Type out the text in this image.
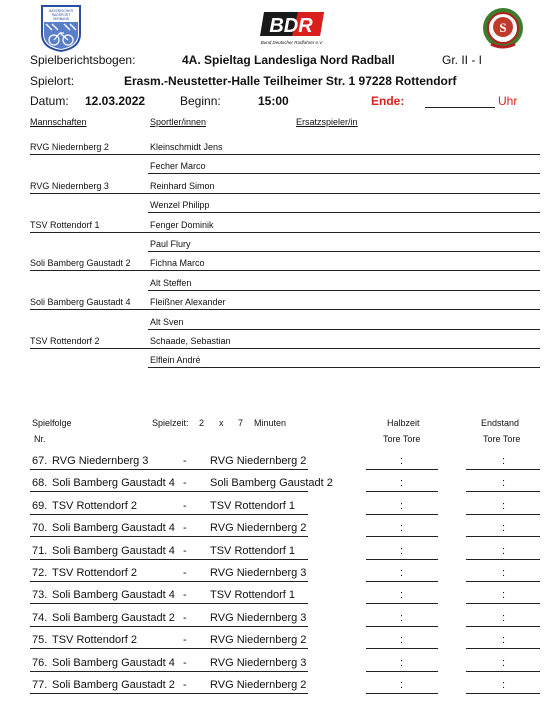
BAYERISCHER
RADSPORT
VERBAND	BDR
Bund Deutscher Radfahrer e.V.
S
Spielberichtsbogen:	4A. Spieltag Landesliga Nord Radball	Gr. II - I
Spielort:	Erasm.-Neustetter-Halle Teilheimer Str. 1 97228 Rottendorf
Datum: 12.03.2022	Beginn:	15:00	Ende:	Uhr
Mannschaften	Sportler/innen	Ersatzspieler/in
RVG Niedernberg 2	Kleinschmidt Jens
Fecher Marco
RVG Niedernberg 3	Reinhard Simon
Wenzel Philipp
TSV Rottendorf 1	Fenger Dominik
Paul Flury
Soli Bamberg Gaustadt 2 Fichna Marco
Alt Steffen
Soli Bamberg Gaustadt 4 Fleißner Alexander
Alt Sven
TSV Rottendorf 2	Schaade, Sebastian
Elflein André
Spielfolge
Nr.
Spielzeit: 2 x 7 Minuten	Halbzeit	Endstand
Tore Tore	Tore Tore
67. RVG Niedernberg 3	- RVG Niedernberg 2	:	:
68. Soli Bamberg Gaustadt 4 - Soli Bamberg Gaustadt 2	:	:
69. TSV Rottendorf 2	- TSV Rottendorf 1	:	:
70. Soli Bamberg Gaustadt 4 - RVG Niedernberg 2	:	:
71. Soli Bamberg Gaustadt 4 - TSV Rottendorf 1	:	:
72. TSV Rottendorf 2	- RVG Niedernberg 3	:	:
73. Soli Bamberg Gaustadt 4 - TSV Rottendorf 1	:	:
74. Soli Bamberg Gaustadt 2 - RVG Niedernberg 3	:	:
75. TSV Rottendorf 2	- RVG Niedernberg 2	:	:
76. Soli Bamberg Gaustadt 4 - RVG Niedernberg 3	:	:
77. Soli Bamberg Gaustadt 2 - RVG Niedernberg 2	:	:
